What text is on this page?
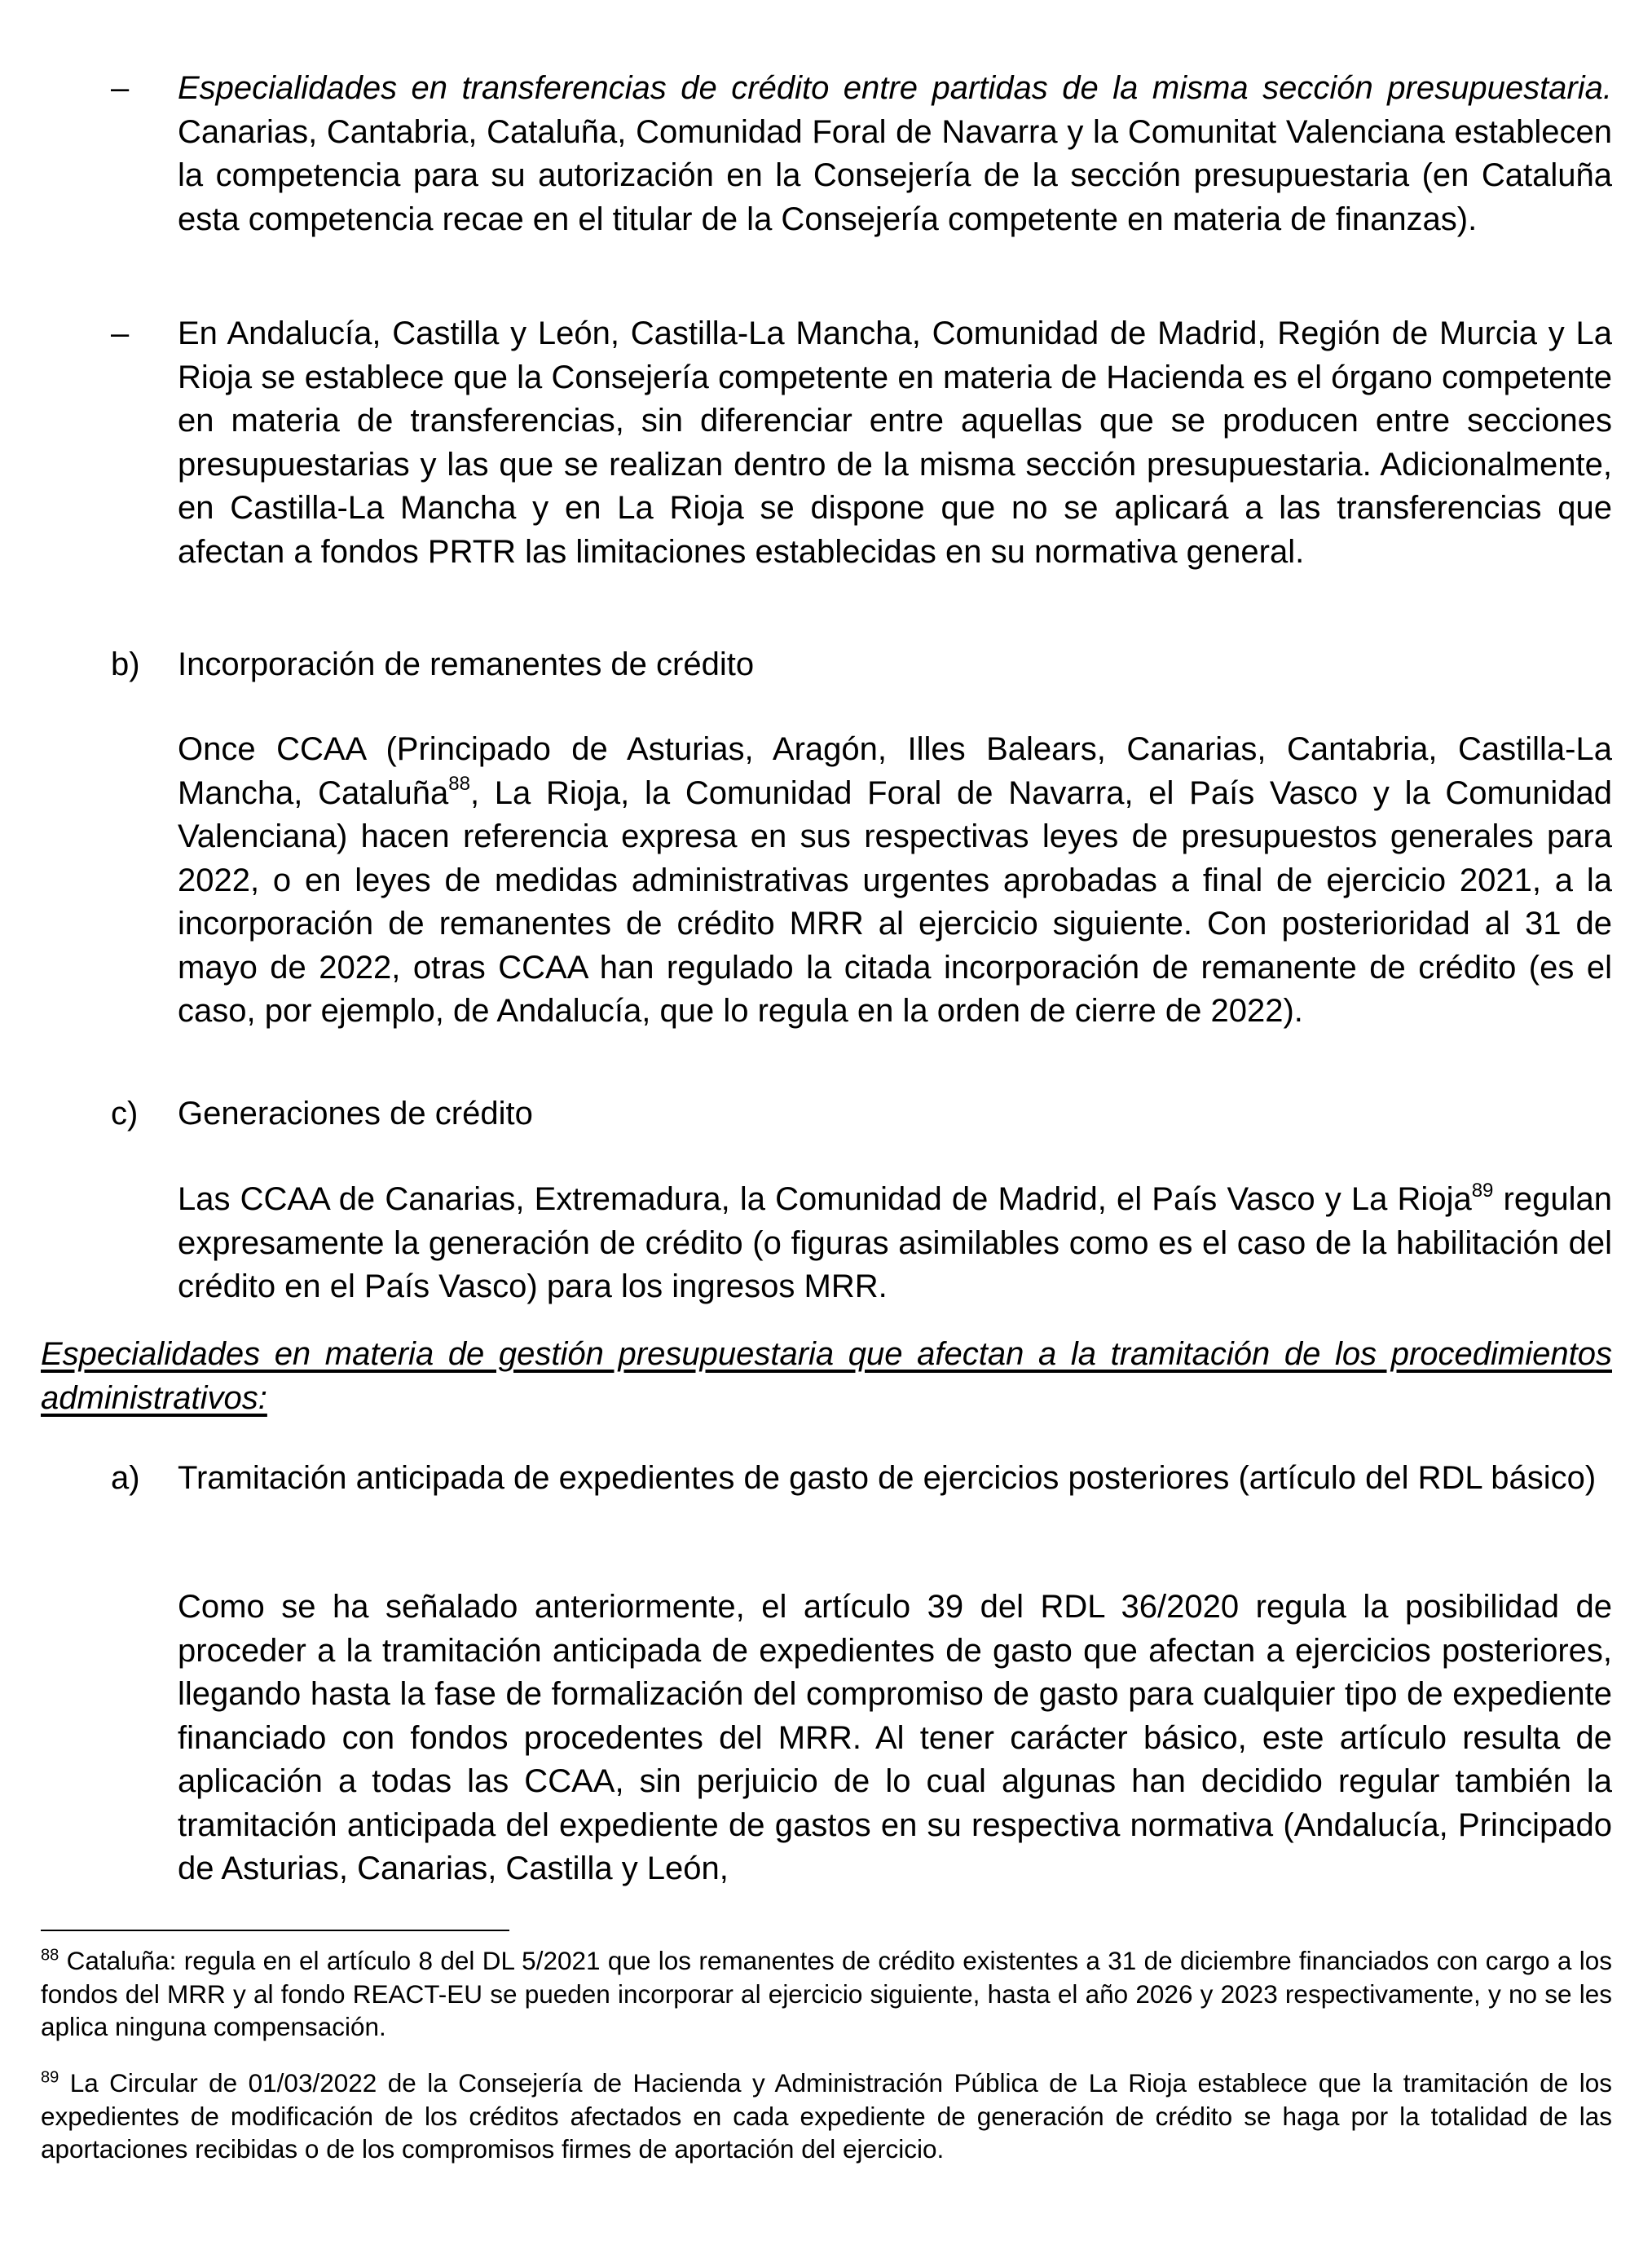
– Especialidades en transferencias de crédito entre partidas de la misma sección presupuestaria. Canarias, Cantabria, Cataluña, Comunidad Foral de Navarra y la Comunitat Valenciana establecen la competencia para su autorización en la Consejería de la sección presupuestaria (en Cataluña esta competencia recae en el titular de la Consejería competente en materia de finanzas).

– En Andalucía, Castilla y León, Castilla-La Mancha, Comunidad de Madrid, Región de Murcia y La Rioja se establece que la Consejería competente en materia de Hacienda es el órgano competente en materia de transferencias, sin diferenciar entre aquellas que se producen entre secciones presupuestarias y las que se realizan dentro de la misma sección presupuestaria. Adicionalmente, en Castilla-La Mancha y en La Rioja se dispone que no se aplicará a las transferencias que afectan a fondos PRTR las limitaciones establecidas en su normativa general.

b) Incorporación de remanentes de crédito

Once CCAA (Principado de Asturias, Aragón, Illes Balears, Canarias, Cantabria, Castilla-La Mancha, Cataluña$^{88}$, La Rioja, la Comunidad Foral de Navarra, el País Vasco y la Comunidad Valenciana) hacen referencia expresa en sus respectivas leyes de presupuestos generales para 2022, o en leyes de medidas administrativas urgentes aprobadas a final de ejercicio 2021, a la incorporación de remanentes de crédito MRR al ejercicio siguiente. Con posterioridad al 31 de mayo de 2022, otras CCAA han regulado la citada incorporación de remanente de crédito (es el caso, por ejemplo, de Andalucía, que lo regula en la orden de cierre de 2022).

c) Generaciones de crédito

Las CCAA de Canarias, Extremadura, la Comunidad de Madrid, el País Vasco y La Rioja$^{89}$ regulan expresamente la generación de crédito (o figuras asimilables como es el caso de la habilitación del crédito en el País Vasco) para los ingresos MRR.

Especialidades en materia de gestión presupuestaria que afectan a la tramitación de los procedimientos administrativos:

a) Tramitación anticipada de expedientes de gasto de ejercicios posteriores (artículo del RDL básico)

Como se ha señalado anteriormente, el artículo 39 del RDL 36/2020 regula la posibilidad de proceder a la tramitación anticipada de expedientes de gasto que afectan a ejercicios posteriores, llegando hasta la fase de formalización del compromiso de gasto para cualquier tipo de expediente financiado con fondos procedentes del MRR. Al tener carácter básico, este artículo resulta de aplicación a todas las CCAA, sin perjuicio de lo cual algunas han decidido regular también la tramitación anticipada del expediente de gastos en su respectiva normativa (Andalucía, Principado de Asturias, Canarias, Castilla y León,

$^{88}$ Cataluña: regula en el artículo 8 del DL 5/2021 que los remanentes de crédito existentes a 31 de diciembre financiados con cargo a los fondos del MRR y al fondo REACT-EU se pueden incorporar al ejercicio siguiente, hasta el año 2026 y 2023 respectivamente, y no se les aplica ninguna compensación.

$^{89}$ La Circular de 01/03/2022 de la Consejería de Hacienda y Administración Pública de La Rioja establece que la tramitación de los expedientes de modificación de los créditos afectados en cada expediente de generación de crédito se haga por la totalidad de las aportaciones recibidas o de los compromisos firmes de aportación del ejercicio.
